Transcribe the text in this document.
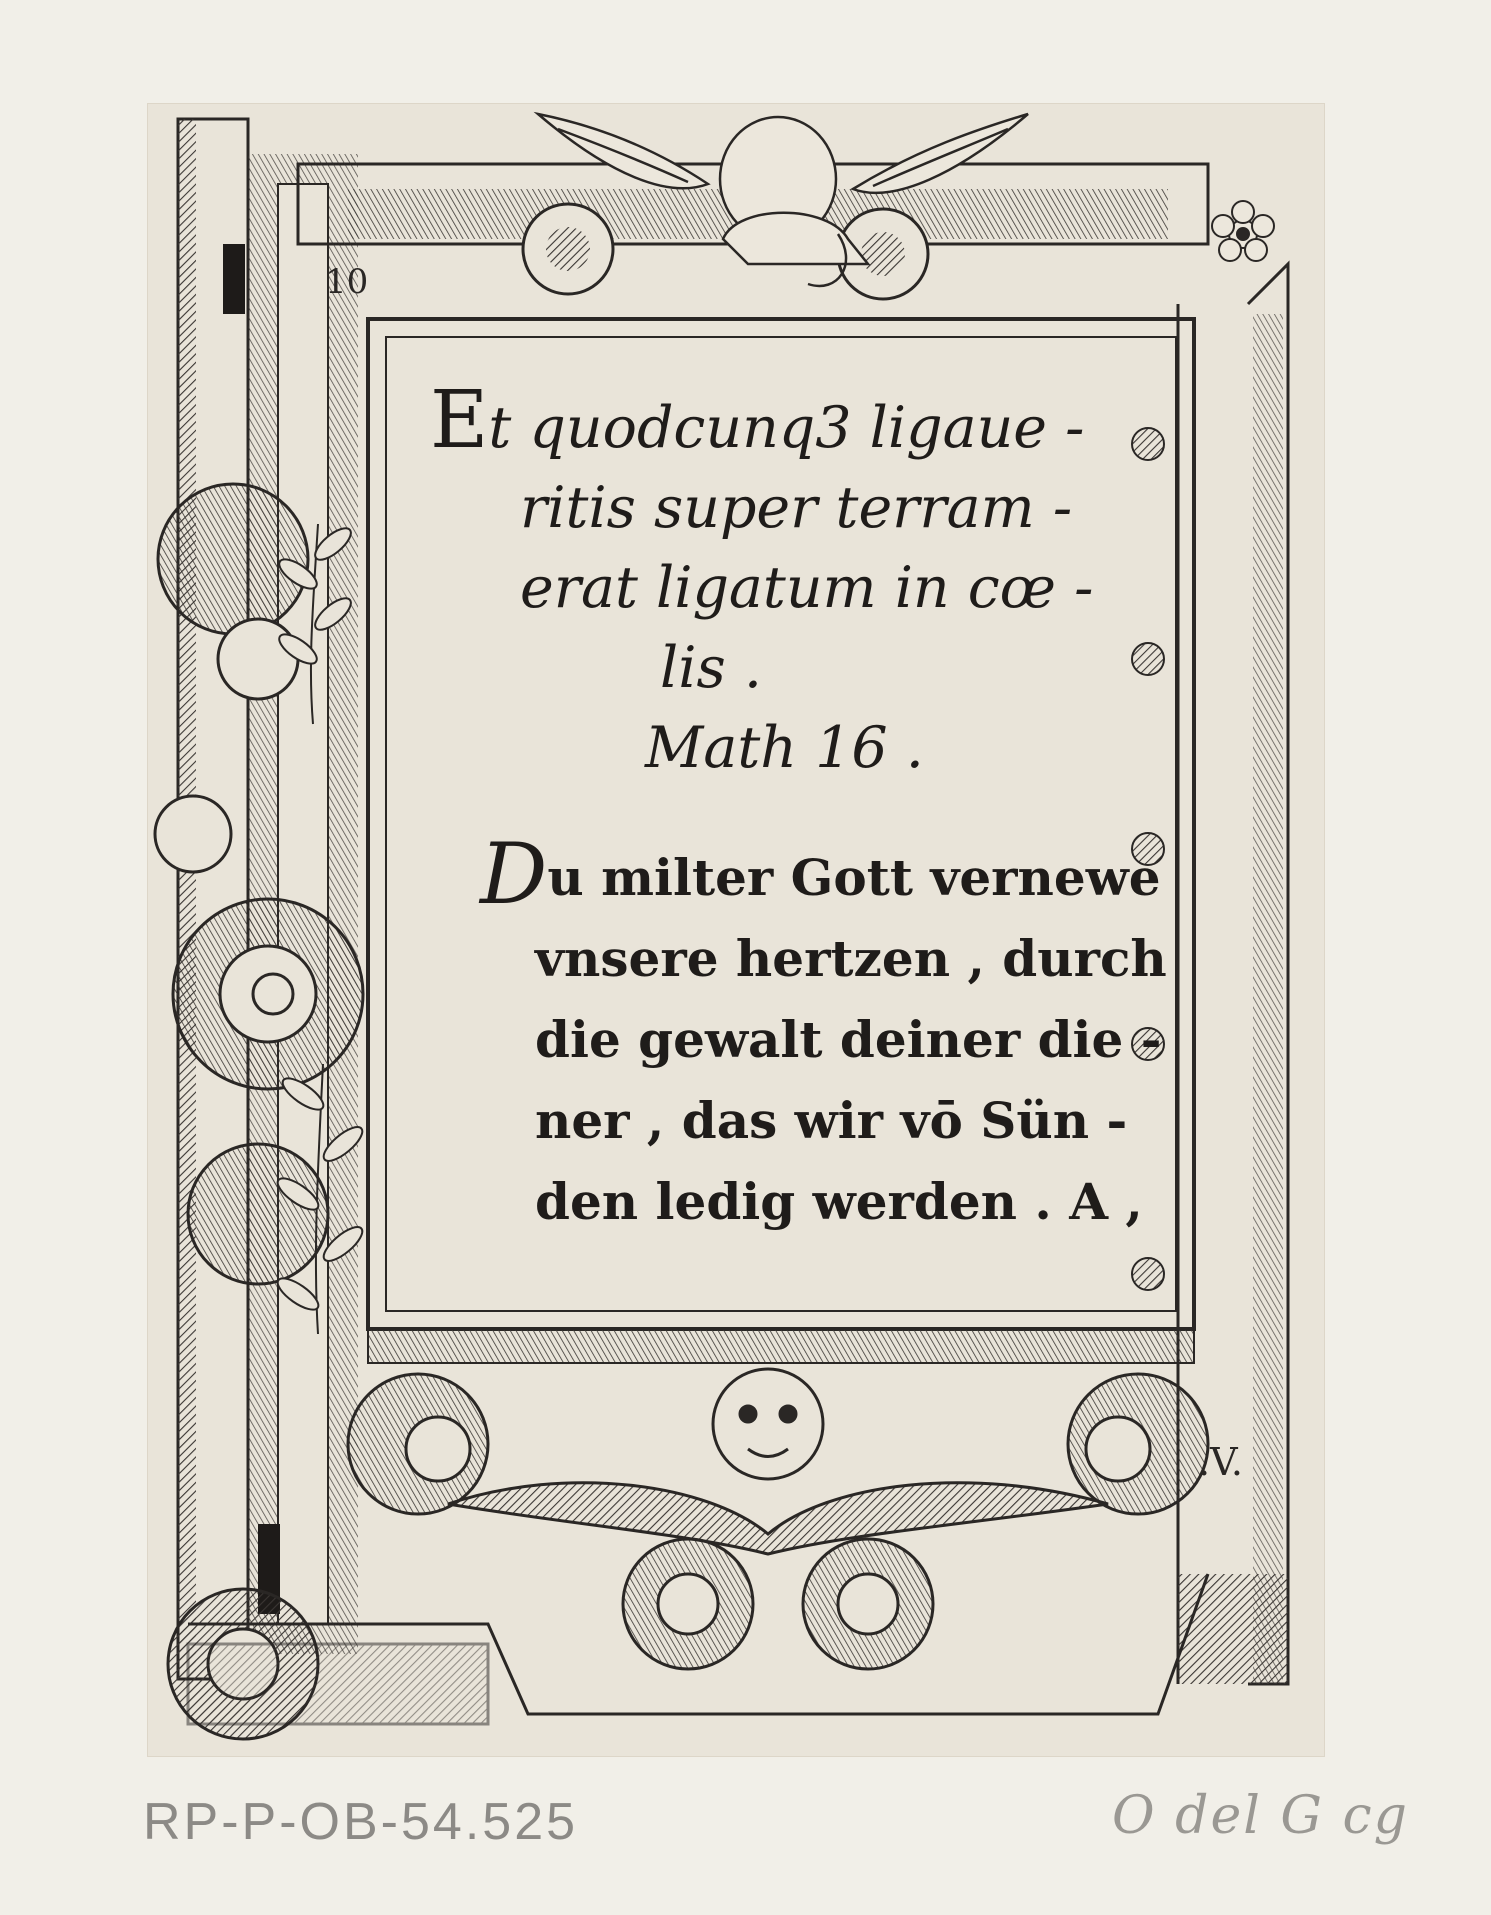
10
.V.
Et quodcunq3 ligaue -
ritis super terram -
erat ligatum in cœ -
lis .
Math 16 .
Du milter Gott vernewe
vnsere hertzen , durch
die gewalt deiner die -
ner , das wir vō Sün -
den ledig werden . A ,
RP-P-OB-54.525	O del G cg
